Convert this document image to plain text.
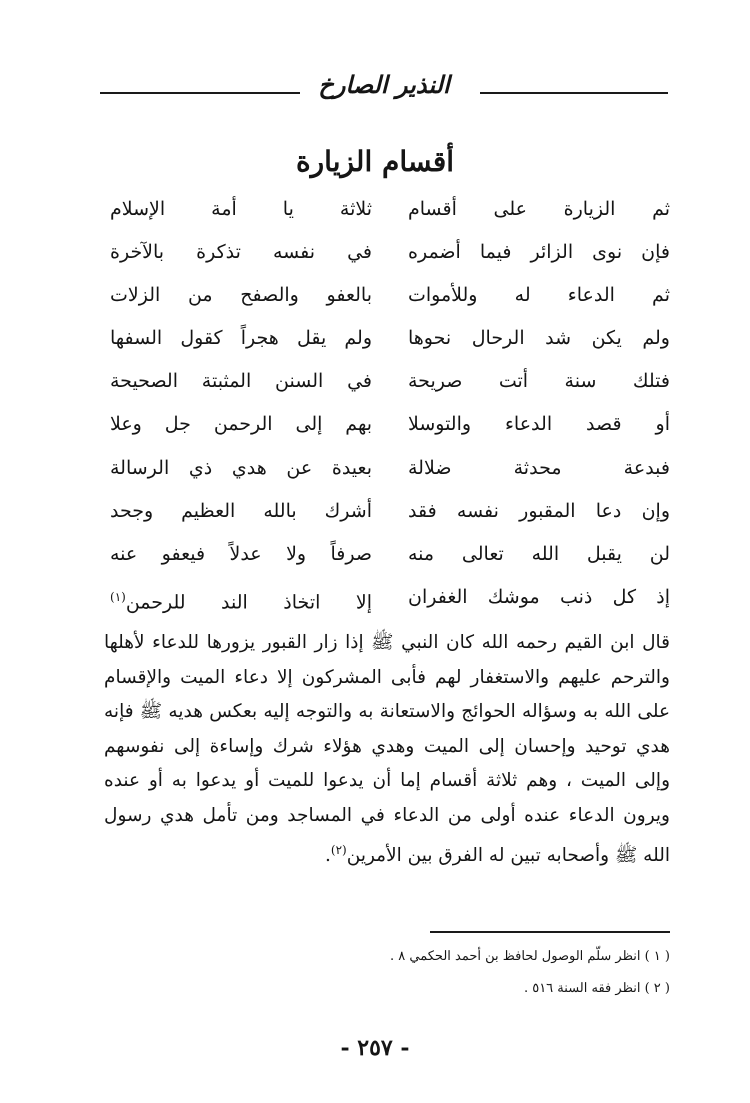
النذير الصارخ
أقسام الزيارة
ثم الزيارة على أقسام
ثلاثة يا أمة الإسلام
فإن نوى الزائر فيما أضمره
في نفسه تذكرة بالآخرة
ثم الدعاء له وللأموات
بالعفو والصفح من الزلات
ولم يكن شد الرحال نحوها
ولم يقل هجراً كقول السفها
فتلك سنة أتت صريحة
في السنن المثبتة الصحيحة
أو قصد الدعاء والتوسلا
بهم إلى الرحمن جل وعلا
فبدعة محدثة ضلالة
بعيدة عن هدي ذي الرسالة
وإن دعا المقبور نفسه فقد
أشرك بالله العظيم وجحد
لن يقبل الله تعالى منه
صرفاً ولا عدلاً فيعفو عنه
إذ كل ذنب موشك الغفران
إلا اتخاذ الند للرحمن$^{(١)}$
قال ابن القيم رحمه الله كان النبي ﷺ إذا زار القبور يزورها للدعاء لأهلها والترحم عليهم والاستغفار لهم فأبى المشركون إلا دعاء الميت والإقسام على الله به وسؤاله الحوائج والاستعانة به والتوجه إليه بعكس هديه ﷺ فإنه هدي توحيد وإحسان إلى الميت وهدي هؤلاء شرك وإساءة إلى نفوسهم وإلى الميت ، وهم ثلاثة أقسام إما أن يدعوا للميت أو يدعوا به أو عنده ويرون الدعاء عنده أولى من الدعاء في المساجد ومن تأمل هدي رسول الله ﷺ وأصحابه تبين له الفرق بين الأمرين$^{(٢)}$.
( ١ ) انظر سلّم الوصول لحافظ بن أحمد الحكمي ٨ .
( ٢ ) انظر فقه السنة ٥١٦ .
- ٢٥٧ -
